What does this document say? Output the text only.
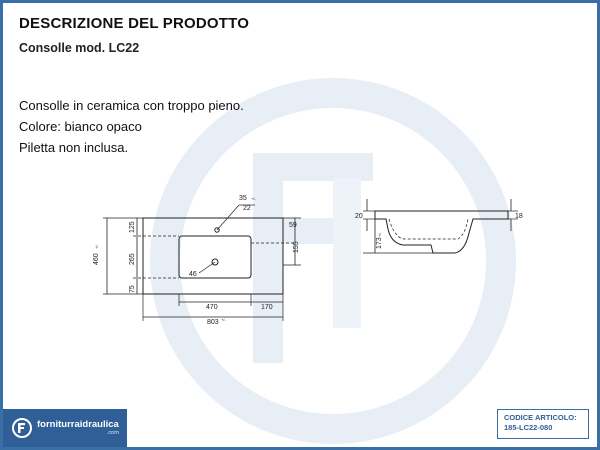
DESCRIZIONE DEL PRODOTTO
Consolle mod. LC22
Consolle in ceramica con troppo pieno.
Colore: bianco opaco
Piletta non inclusa.
35 +/-
22
46
460
+/-
125
265
75
59
155
470	170
803 +/-
20
173
+/-
18
forniturraidraulica
.com
CODICE ARTICOLO:
185-LC22-080
